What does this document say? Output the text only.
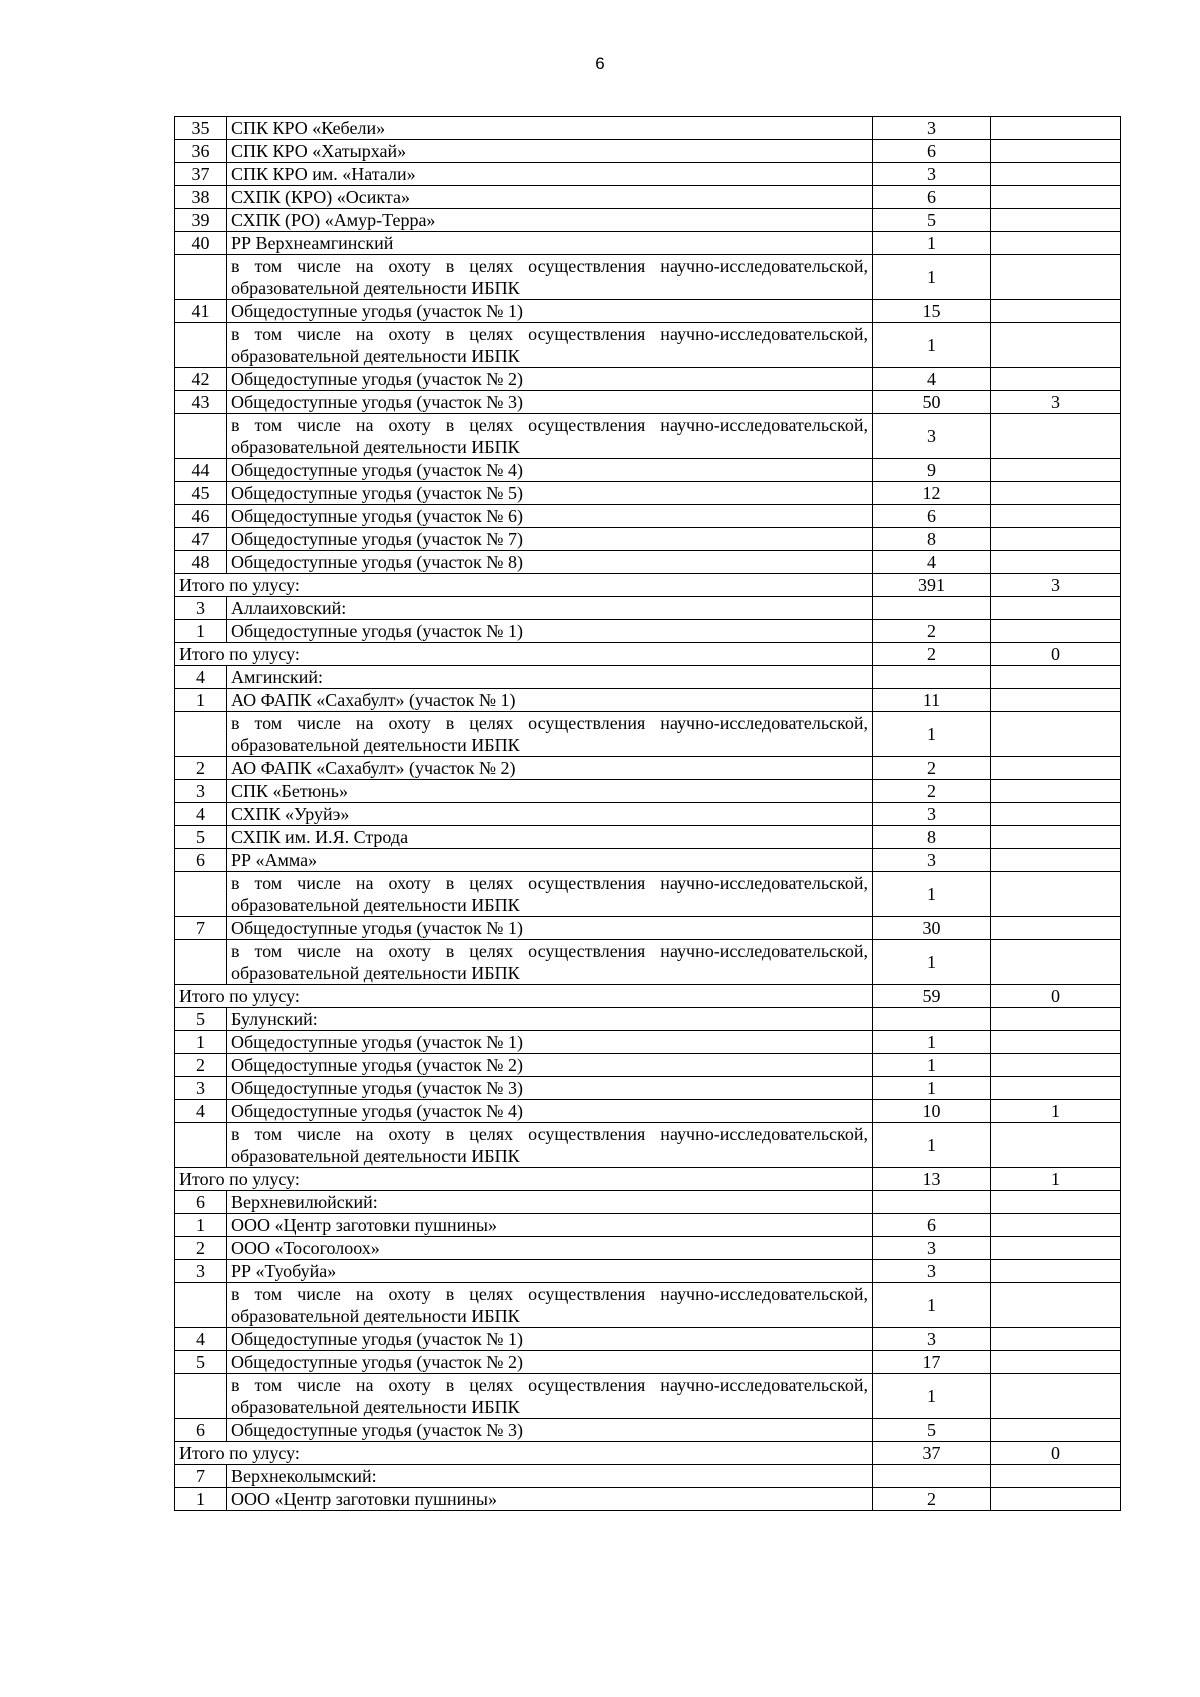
6
35	СПК КРО «Кебели»	3	
36	СПК КРО «Хатырхай»	6	
37	СПК КРО им. «Натали»	3	
38	СХПК (КРО) «Осикта»	6	
39	СХПК (РО) «Амур-Терра»	5	
40	РР Верхнеамгинский	1	
	в том числе на охоту в целях осуществления научно-исследовательской, образовательной деятельности ИБПК	1	
41	Общедоступные угодья (участок № 1)	15	
	в том числе на охоту в целях осуществления научно-исследовательской, образовательной деятельности ИБПК	1	
42	Общедоступные угодья (участок № 2)	4	
43	Общедоступные угодья (участок № 3)	50	3
	в том числе на охоту в целях осуществления научно-исследовательской, образовательной деятельности ИБПК	3	
44	Общедоступные угодья (участок № 4)	9	
45	Общедоступные угодья (участок № 5)	12	
46	Общедоступные угодья (участок № 6)	6	
47	Общедоступные угодья (участок № 7)	8	
48	Общедоступные угодья (участок № 8)	4	
Итого по улусу:		391	3
3	Аллаиховский:		
1	Общедоступные угодья (участок № 1)	2	
Итого по улусу:		2	0
4	Амгинский:		
1	АО ФАПК «Сахабулт» (участок № 1)	11	
	в том числе на охоту в целях осуществления научно-исследовательской, образовательной деятельности ИБПК	1	
2	АО ФАПК «Сахабулт» (участок № 2)	2	
3	СПК «Бетюнь»	2	
4	СХПК «Уруйэ»	3	
5	СХПК им. И.Я. Строда	8	
6	РР «Амма»	3	
	в том числе на охоту в целях осуществления научно-исследовательской, образовательной деятельности ИБПК	1	
7	Общедоступные угодья (участок № 1)	30	
	в том числе на охоту в целях осуществления научно-исследовательской, образовательной деятельности ИБПК	1	
Итого по улусу:		59	0
5	Булунский:		
1	Общедоступные угодья (участок № 1)	1	
2	Общедоступные угодья (участок № 2)	1	
3	Общедоступные угодья (участок № 3)	1	
4	Общедоступные угодья (участок № 4)	10	1
	в том числе на охоту в целях осуществления научно-исследовательской, образовательной деятельности ИБПК	1	
Итого по улусу:		13	1
6	Верхневилюйский:		
1	ООО «Центр заготовки пушнины»	6	
2	ООО «Тосоголоох»	3	
3	РР «Туобуйа»	3	
	в том числе на охоту в целях осуществления научно-исследовательской, образовательной деятельности ИБПК	1	
4	Общедоступные угодья (участок № 1)	3	
5	Общедоступные угодья (участок № 2)	17	
	в том числе на охоту в целях осуществления научно-исследовательской, образовательной деятельности ИБПК	1	
6	Общедоступные угодья (участок № 3)	5	
Итого по улусу:		37	0
7	Верхнеколымский:		
1	ООО «Центр заготовки пушнины»	2	
